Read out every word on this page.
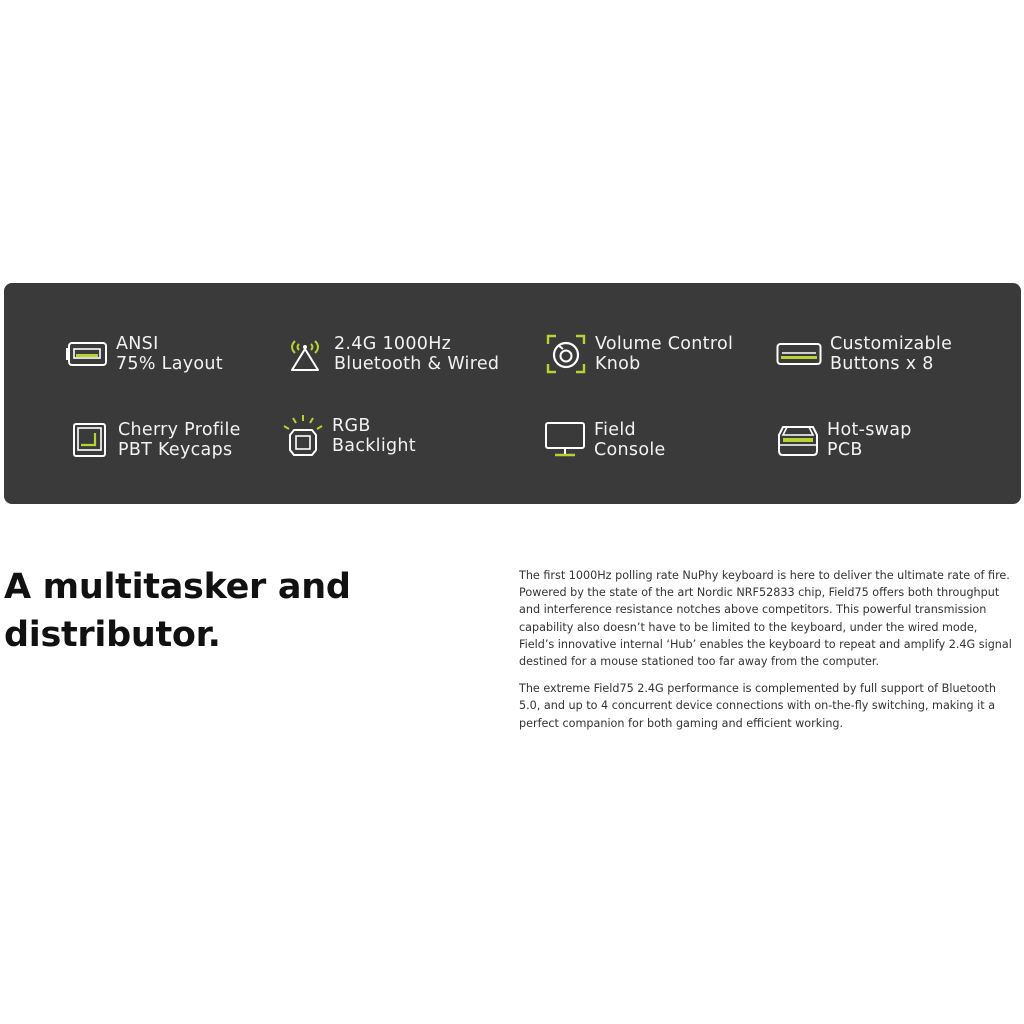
ANSI
75% Layout
2.4G 1000Hz
Bluetooth & Wired
Volume Control
Knob
Customizable
Buttons x 8
Cherry Profile
PBT Keycaps
RGB
Backlight
Field
Console
Hot-swap
PCB
A multitasker and
distributor.

The first 1000Hz polling rate NuPhy keyboard is here to deliver the ultimate rate of fire. Powered by the state of the art Nordic NRF52833 chip, Field75 offers both throughput and interference resistance notches above competitors. This powerful transmission capability also doesn’t have to be limited to the keyboard, under the wired mode, Field’s innovative internal ‘Hub’ enables the keyboard to repeat and amplify 2.4G signal destined for a mouse stationed too far away from the computer.

The extreme Field75 2.4G performance is complemented by full support of Bluetooth 5.0, and up to 4 concurrent device connections with on-the-fly switching, making it a perfect companion for both gaming and efficient working.
